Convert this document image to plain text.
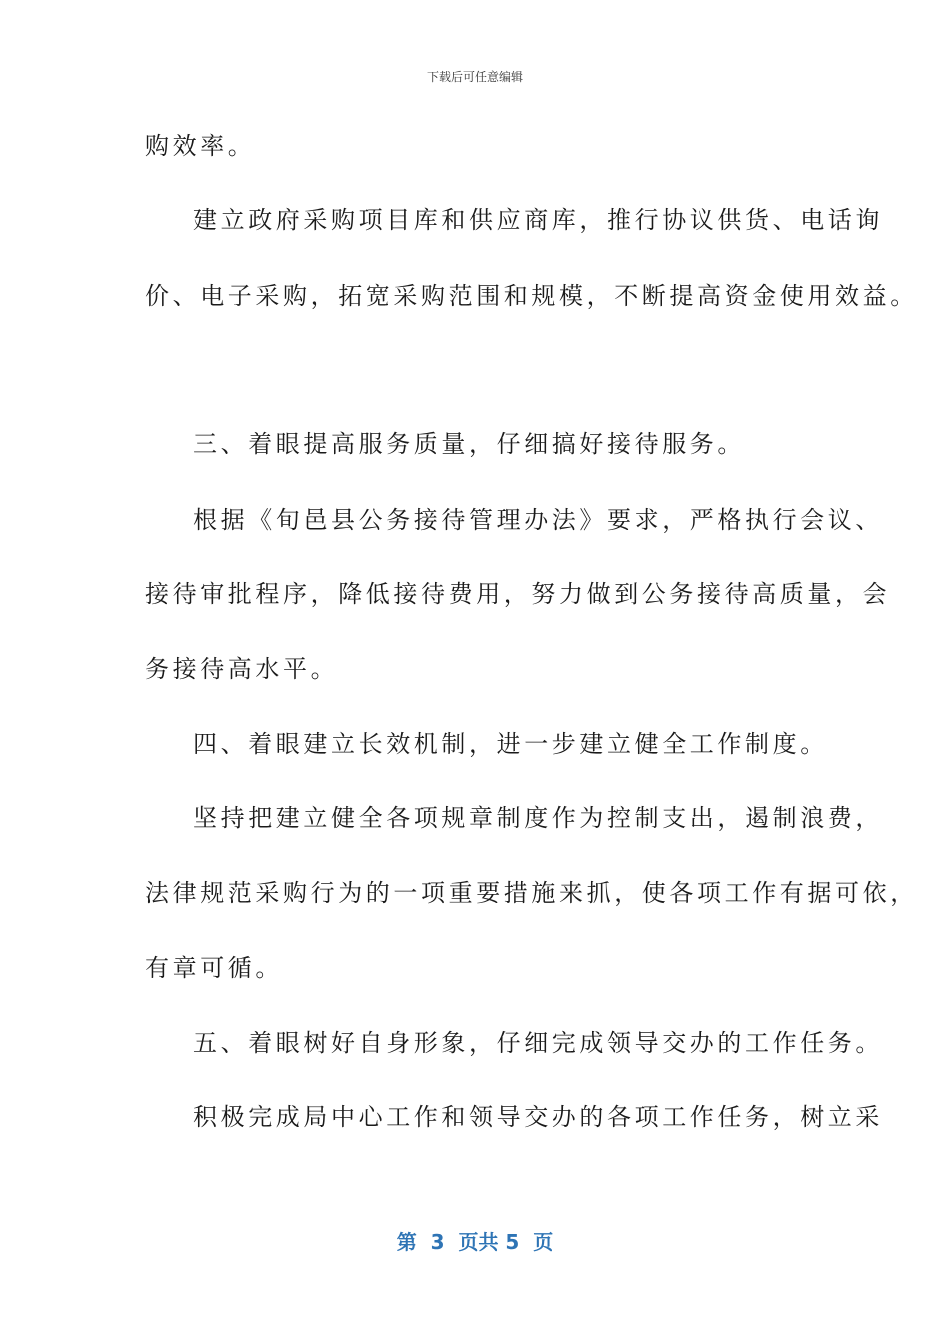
下载后可任意编辑
购效率。
建立政府采购项目库和供应商库，推行协议供货、电话询
价、电子采购，拓宽采购范围和规模，不断提高资金使用效益。
三、着眼提高服务质量，仔细搞好接待服务。
根据《旬邑县公务接待管理办法》要求，严格执行会议、
接待审批程序，降低接待费用，努力做到公务接待高质量，会
务接待高水平。
四、着眼建立长效机制，进一步建立健全工作制度。
坚持把建立健全各项规章制度作为控制支出，遏制浪费，
法律规范采购行为的一项重要措施来抓，使各项工作有据可依，
有章可循。
五、着眼树好自身形象，仔细完成领导交办的工作任务。
积极完成局中心工作和领导交办的各项工作任务，树立采
第  3  页共 5  页
